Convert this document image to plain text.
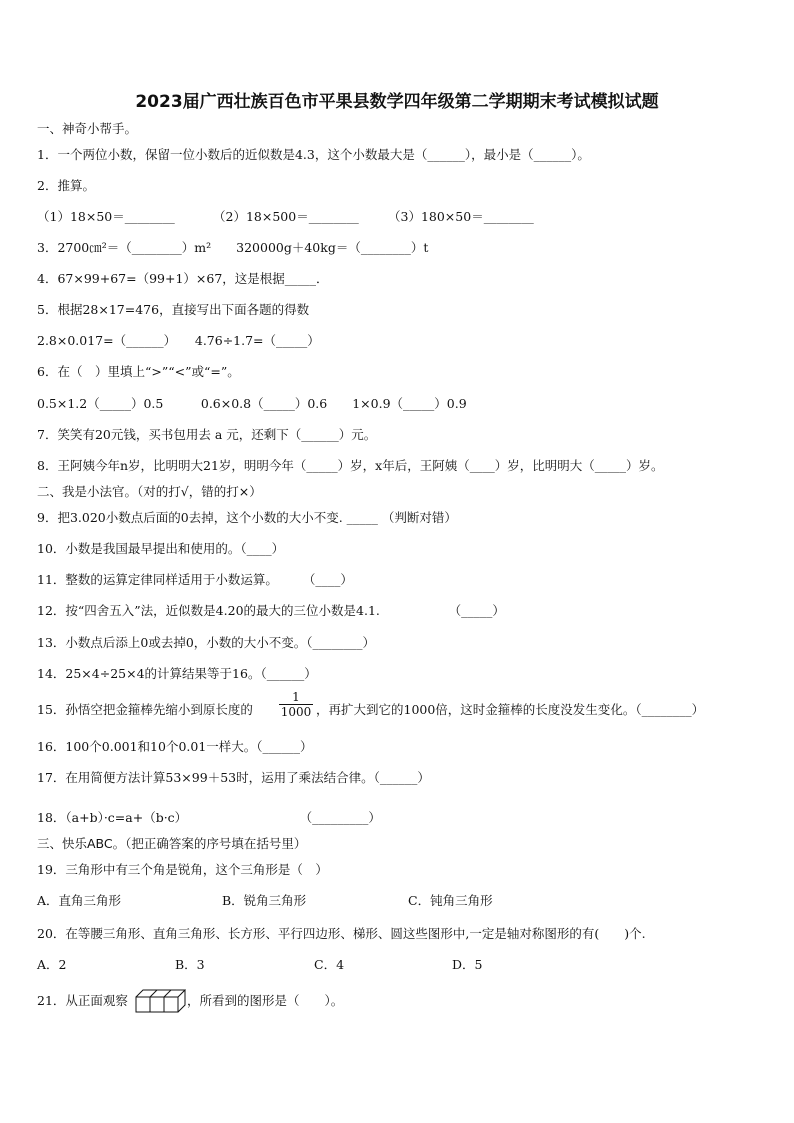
2023届广西壮族百色市平果县数学四年级第二学期期末考试模拟试题
一、神奇小帮手。
1．一个两位小数，保留一位小数后的近似数是4.3，这个小数最大是（______），最小是（______）。
2．推算。
（1）18×50＝________	（2）18×500＝________ （3）180×50＝________
3．2700㎝²＝（________）m²　　320000g＋40kg＝（________）t
4．67×99+67=（99+1）×67，这是根据_____．
5．根据28×17=476，直接写出下面各题的得数
2.8×0.017=（______）　　4.76÷1.7=（_____）
6．在（　）里填上“>”“<”或“=”。
0.5×1.2（_____）0.5　　　0.6×0.8（_____）0.6　　1×0.9（_____）0.9
7．笑笑有20元钱，买书包用去 a 元，还剩下（______）元。
8．王阿姨今年n岁，比明明大21岁，明明今年（_____）岁，x年后，王阿姨（____）岁，比明明大（_____）岁。
二、我是小法官。（对的打√，错的打×）
9．把3.020小数点后面的0去掉，这个小数的大小不变. _____ （判断对错）
10．小数是我国最早提出和使用的。（____）
11．整数的运算定律同样适用于小数运算。　　　（____）
12．按“四舍五入”法，近似数是4.20的最大的三位小数是4.1.　　　　　　（_____）
13．小数点后添上0或去掉0，小数的大小不变。（________）
14．25×4÷25×4的计算结果等于16。（______）
15．孙悟空把金箍棒先缩小到原长度的 $\frac{1}{1000}$ ，再扩大到它的1000倍，这时金箍棒的长度没发生变化。（________）
16．100个0.001和10个0.01一样大。（______）
17．在用简便方法计算53×99＋53时，运用了乘法结合律。（______）
18．（a+b）·c=a+（b·c）　　　　　　　　　　（_________）
三、快乐ABC。（把正确答案的序号填在括号里）
19．三角形中有三个角是锐角，这个三角形是（　）
A．直角三角形	B．锐角三角形	C．钝角三角形
20．在等腰三角形、直角三角形、长方形、平行四边形、梯形、圆这些图形中,一定是轴对称图形的有(　　)个.
A．2	B．3	C．4	D．5
21．从正面观察	，所看到的图形是（　　）。
